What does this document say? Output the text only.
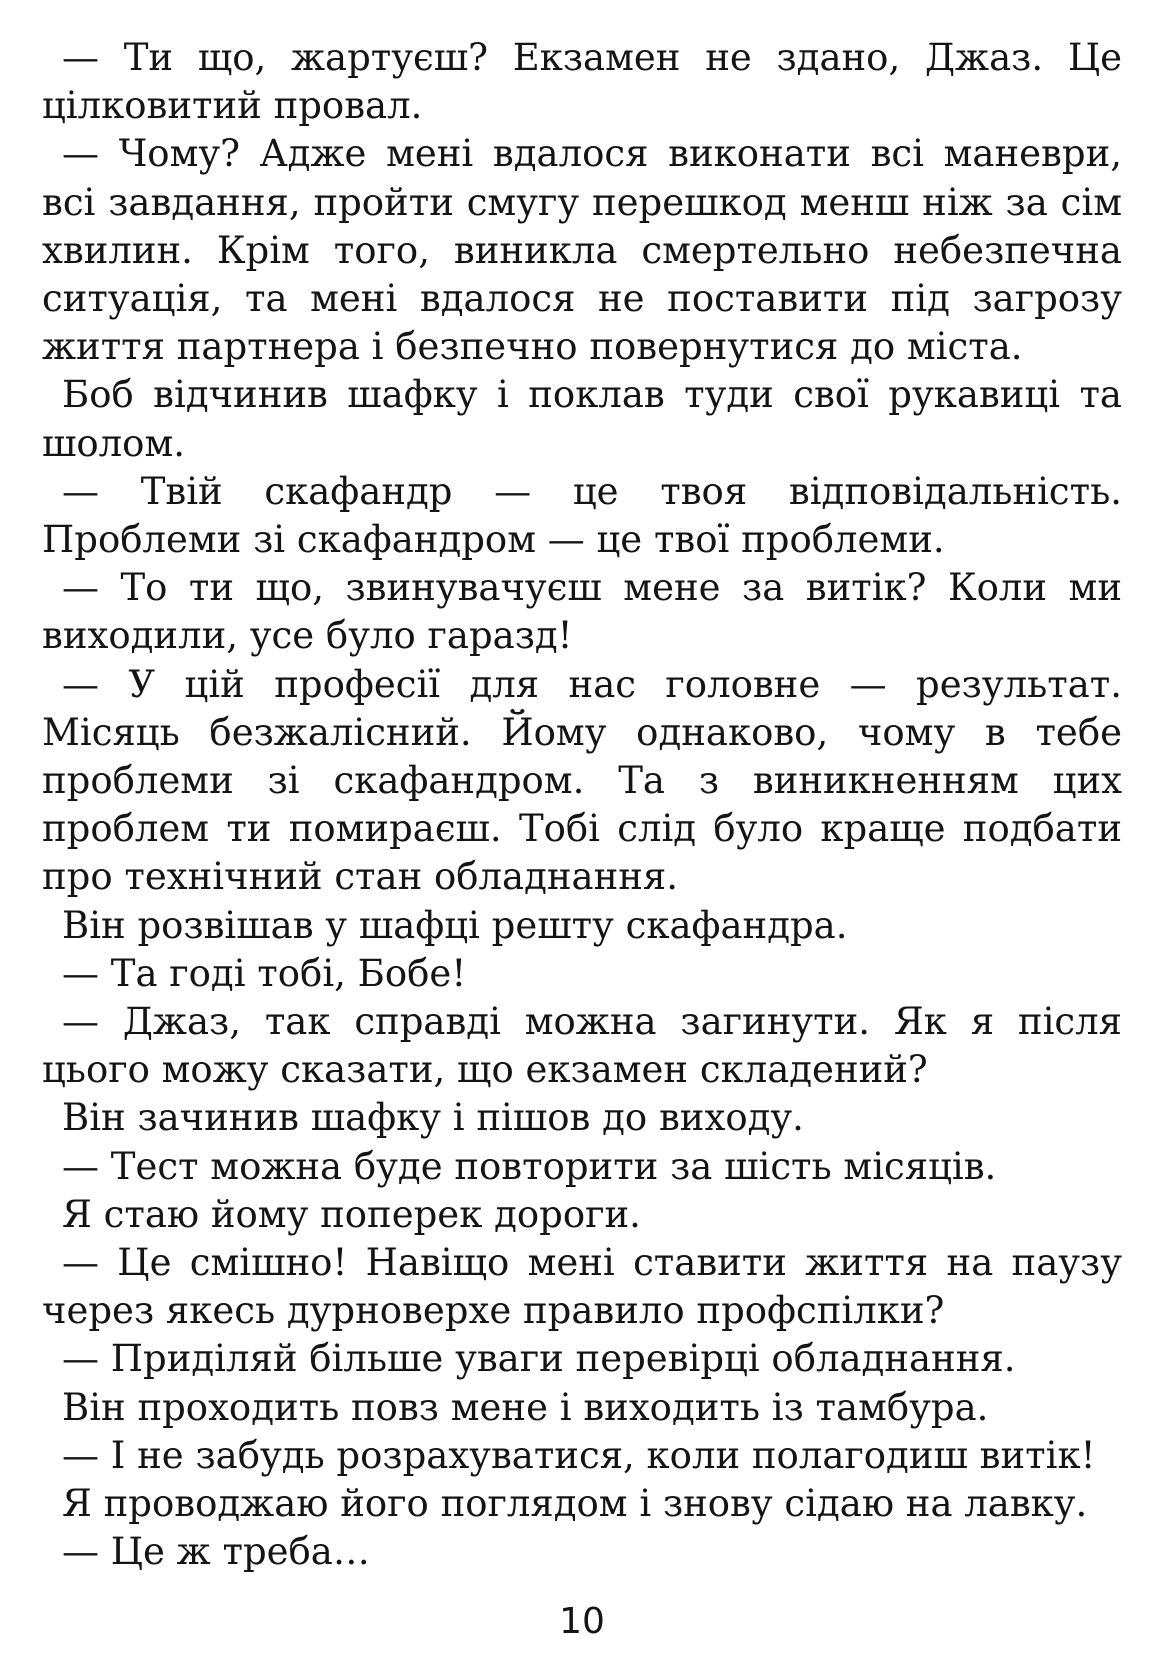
— Ти що, жартуєш? Екзамен не здано, Джаз. Це цілковитий провал.

— Чому? Адже мені вдалося виконати всі маневри, всі завдання, пройти смугу перешкод менш ніж за сім хвилин. Крім того, виникла смертельно небезпечна ситуація, та мені вдалося не поставити під загрозу життя партнера і безпечно повернутися до міста.

Боб відчинив шафку і поклав туди свої рукавиці та шолом.

— Твій скафандр — це твоя відповідальність. Проблеми зі скафандром — це твої проблеми.

— То ти що, звинувачуєш мене за витік? Коли ми виходили, усе було гаразд!

— У цій професії для нас головне — результат. Місяць безжалісний. Йому однаково, чому в тебе проблеми зі скафандром. Та з виникненням цих проблем ти помираєш. Тобі слід було краще подбати про технічний стан обладнання.

Він розвішав у шафці решту скафандра.

— Та годі тобі, Бобе!

— Джаз, так справді можна загинути. Як я після цього можу сказати, що екзамен складений?

Він зачинив шафку і пішов до виходу.

— Тест можна буде повторити за шість місяців.

Я стаю йому поперек дороги.

— Це смішно! Навіщо мені ставити життя на паузу через якесь дурноверхе правило профспілки?

— Приділяй більше уваги перевірці обладнання.

Він проходить повз мене і виходить із тамбура.

— І не забудь розрахуватися, коли полагодиш витік!

Я проводжаю його поглядом і знову сідаю на лавку.

— Це ж треба…

10
